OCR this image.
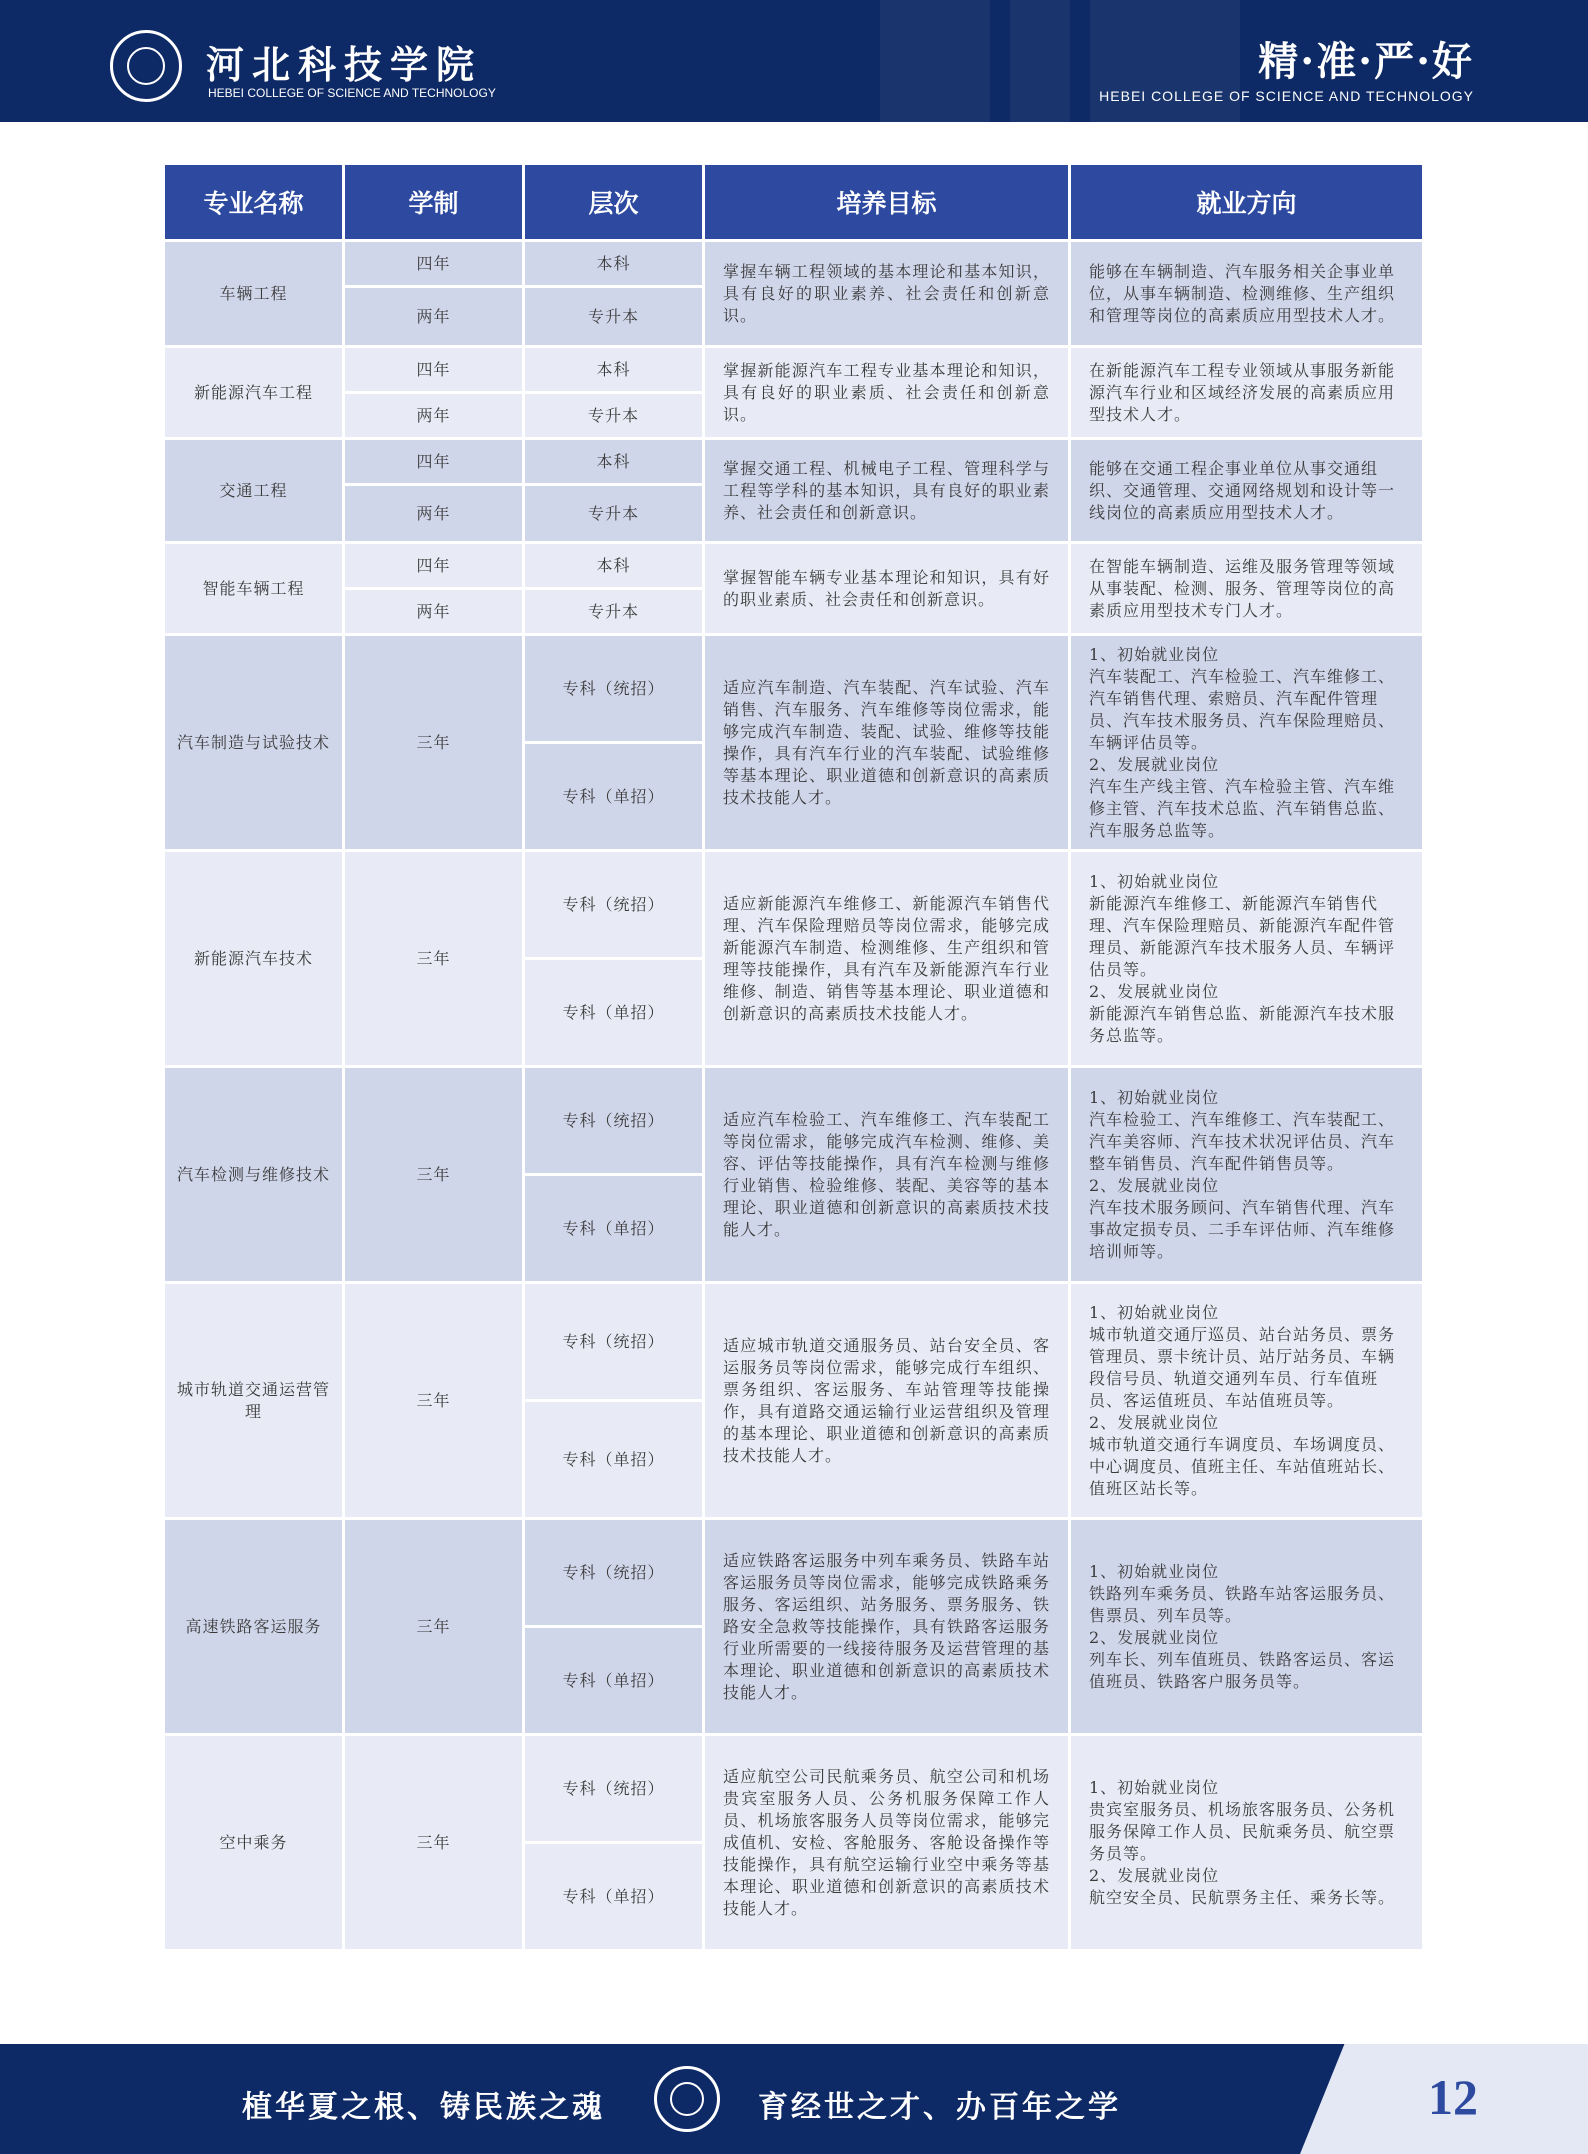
河北科技学院
HEBEI COLLEGE OF SCIENCE AND TECHNOLOGY
精·准·严·好
HEBEI COLLEGE OF SCIENCE AND TECHNOLOGY
专业名称	学制	层次	培养目标	就业方向
车辆工程	四年	本科	掌握车辆工程领域的基本理论和基本知识，具有良好的职业素养、社会责任和创新意识。	能够在车辆制造、汽车服务相关企事业单位，从事车辆制造、检测维修、生产组织和管理等岗位的高素质应用型技术人才。

	两年	专升本		
新能源汽车工程	四年	本科	掌握新能源汽车工程专业基本理论和知识，具有良好的职业素质、社会责任和创新意识。	在新能源汽车工程专业领域从事服务新能源汽车行业和区域经济发展的高素质应用型技术人才。

	两年	专升本		
交通工程	四年	本科	掌握交通工程、机械电子工程、管理科学与工程等学科的基本知识，具有良好的职业素养、社会责任和创新意识。	能够在交通工程企事业单位从事交通组织、交通管理、交通网络规划和设计等一线岗位的高素质应用型技术人才。

	两年	专升本		
智能车辆工程	四年	本科	掌握智能车辆专业基本理论和知识，具有好的职业素质、社会责任和创新意识。	在智能车辆制造、运维及服务管理等领域从事装配、检测、服务、管理等岗位的高素质应用型技术专门人才。

	两年	专升本		
汽车制造与试验技术	三年	专科（统招）	适应汽车制造、汽车装配、汽车试验、汽车销售、汽车服务、汽车维修等岗位需求，能够完成汽车制造、装配、试验、维修等技能操作，具有汽车行业的汽车装配、试验维修等基本理论、职业道德和创新意识的高素质技术技能人才。	1、初始就业岗位
汽车装配工、汽车检验工、汽车维修工、汽车销售代理、索赔员、汽车配件管理员、汽车技术服务员、汽车保险理赔员、车辆评估员等。
2、发展就业岗位
汽车生产线主管、汽车检验主管、汽车维修主管、汽车技术总监、汽车销售总监、汽车服务总监等。

		专科（单招）		
新能源汽车技术	三年	专科（统招）	适应新能源汽车维修工、新能源汽车销售代理、汽车保险理赔员等岗位需求，能够完成新能源汽车制造、检测维修、生产组织和管理等技能操作，具有汽车及新能源汽车行业维修、制造、销售等基本理论、职业道德和创新意识的高素质技术技能人才。	1、初始就业岗位
新能源汽车维修工、新能源汽车销售代理、汽车保险理赔员、新能源汽车配件管理员、新能源汽车技术服务人员、车辆评估员等。
2、发展就业岗位
新能源汽车销售总监、新能源汽车技术服务总监等。

		专科（单招）		
汽车检测与维修技术	三年	专科（统招）	适应汽车检验工、汽车维修工、汽车装配工等岗位需求，能够完成汽车检测、维修、美容、评估等技能操作，具有汽车检测与维修行业销售、检验维修、装配、美容等的基本理论、职业道德和创新意识的高素质技术技能人才。	1、初始就业岗位
汽车检验工、汽车维修工、汽车装配工、汽车美容师、汽车技术状况评估员、汽车整车销售员、汽车配件销售员等。
2、发展就业岗位
汽车技术服务顾问、汽车销售代理、汽车事故定损专员、二手车评估师、汽车维修培训师等。

		专科（单招）		
城市轨道交通运营管理	三年	专科（统招）	适应城市轨道交通服务员、站台安全员、客运服务员等岗位需求，能够完成行车组织、票务组织、客运服务、车站管理等技能操作，具有道路交通运输行业运营组织及管理的基本理论、职业道德和创新意识的高素质技术技能人才。	1、初始就业岗位
城市轨道交通厅巡员、站台站务员、票务管理员、票卡统计员、站厅站务员、车辆段信号员、轨道交通列车员、行车值班员、客运值班员、车站值班员等。
2、发展就业岗位
城市轨道交通行车调度员、车场调度员、中心调度员、值班主任、车站值班站长、值班区站长等。

		专科（单招）		
高速铁路客运服务	三年	专科（统招）	适应铁路客运服务中列车乘务员、铁路车站客运服务员等岗位需求，能够完成铁路乘务服务、客运组织、站务服务、票务服务、铁路安全急救等技能操作，具有铁路客运服务行业所需要的一线接待服务及运营管理的基本理论、职业道德和创新意识的高素质技术技能人才。	1、初始就业岗位
铁路列车乘务员、铁路车站客运服务员、售票员、列车员等。
2、发展就业岗位
列车长、列车值班员、铁路客运员、客运值班员、铁路客户服务员等。

		专科（单招）		
空中乘务	三年	专科（统招）	适应航空公司民航乘务员、航空公司和机场贵宾室服务人员、公务机服务保障工作人员、机场旅客服务人员等岗位需求，能够完成值机、安检、客舱服务、客舱设备操作等技能操作，具有航空运输行业空中乘务等基本理论、职业道德和创新意识的高素质技术技能人才。	1、初始就业岗位
贵宾室服务员、机场旅客服务员、公务机服务保障工作人员、民航乘务员、航空票务员等。
2、发展就业岗位
航空安全员、民航票务主任、乘务长等。

		专科（单招）		
植华夏之根、铸民族之魂	育经世之才、办百年之学	12
